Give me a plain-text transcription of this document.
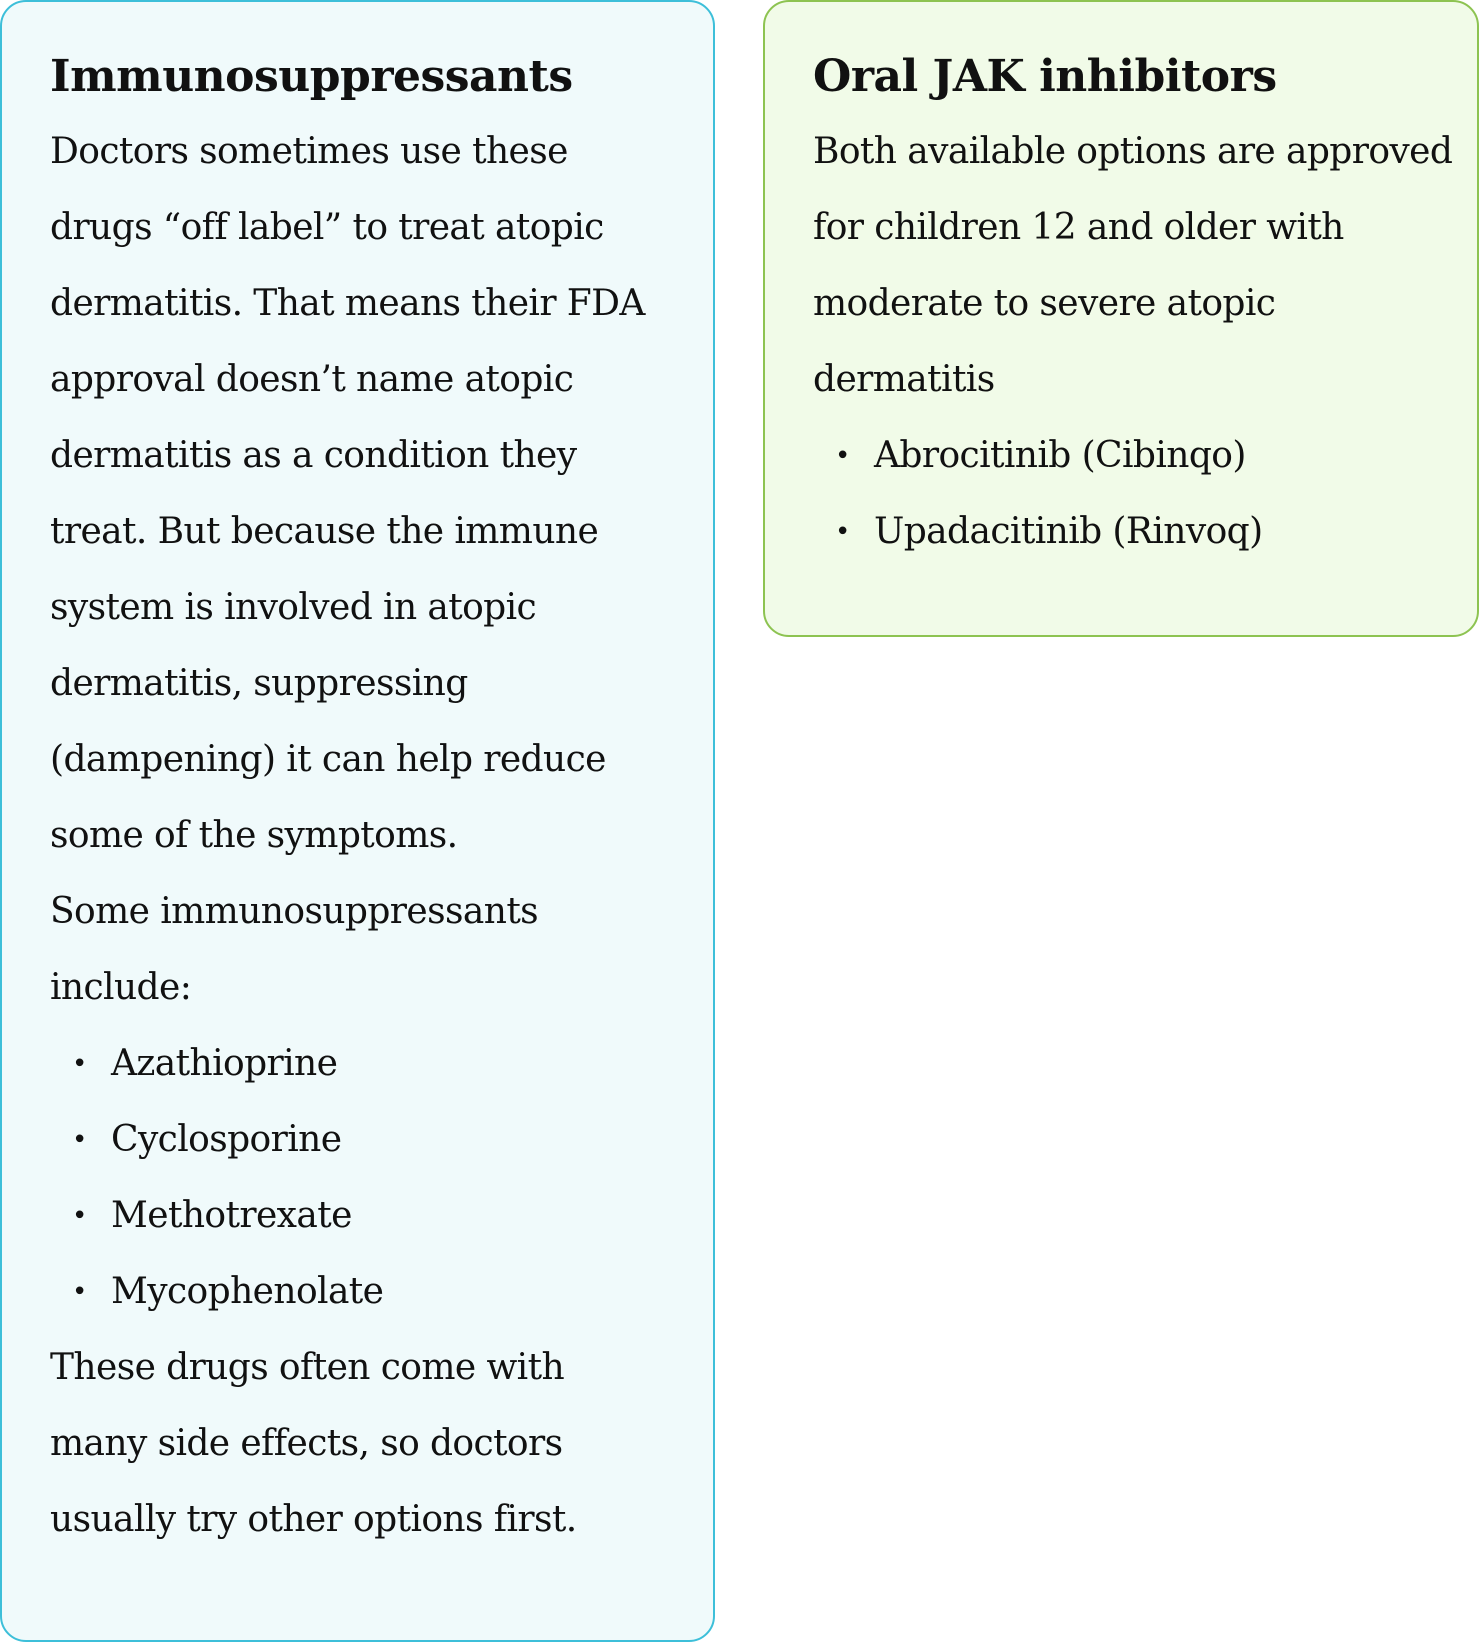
Immunosuppressants

Doctors sometimes use these drugs “off label” to treat atopic dermatitis. That means their FDA approval doesn’t name atopic dermatitis as a condition they treat. But because the immune system is involved in atopic dermatitis, suppressing (dampening) it can help reduce some of the symptoms.

Some immunosuppressants include:

• Azathioprine
• Cyclosporine
• Methotrexate
• Mycophenolate

These drugs often come with many side effects, so doctors usually try other options first.

Oral JAK inhibitors

Both available options are approved for children 12 and older with moderate to severe atopic dermatitis

• Abrocitinib (Cibinqo)
• Upadacitinib (Rinvoq)
